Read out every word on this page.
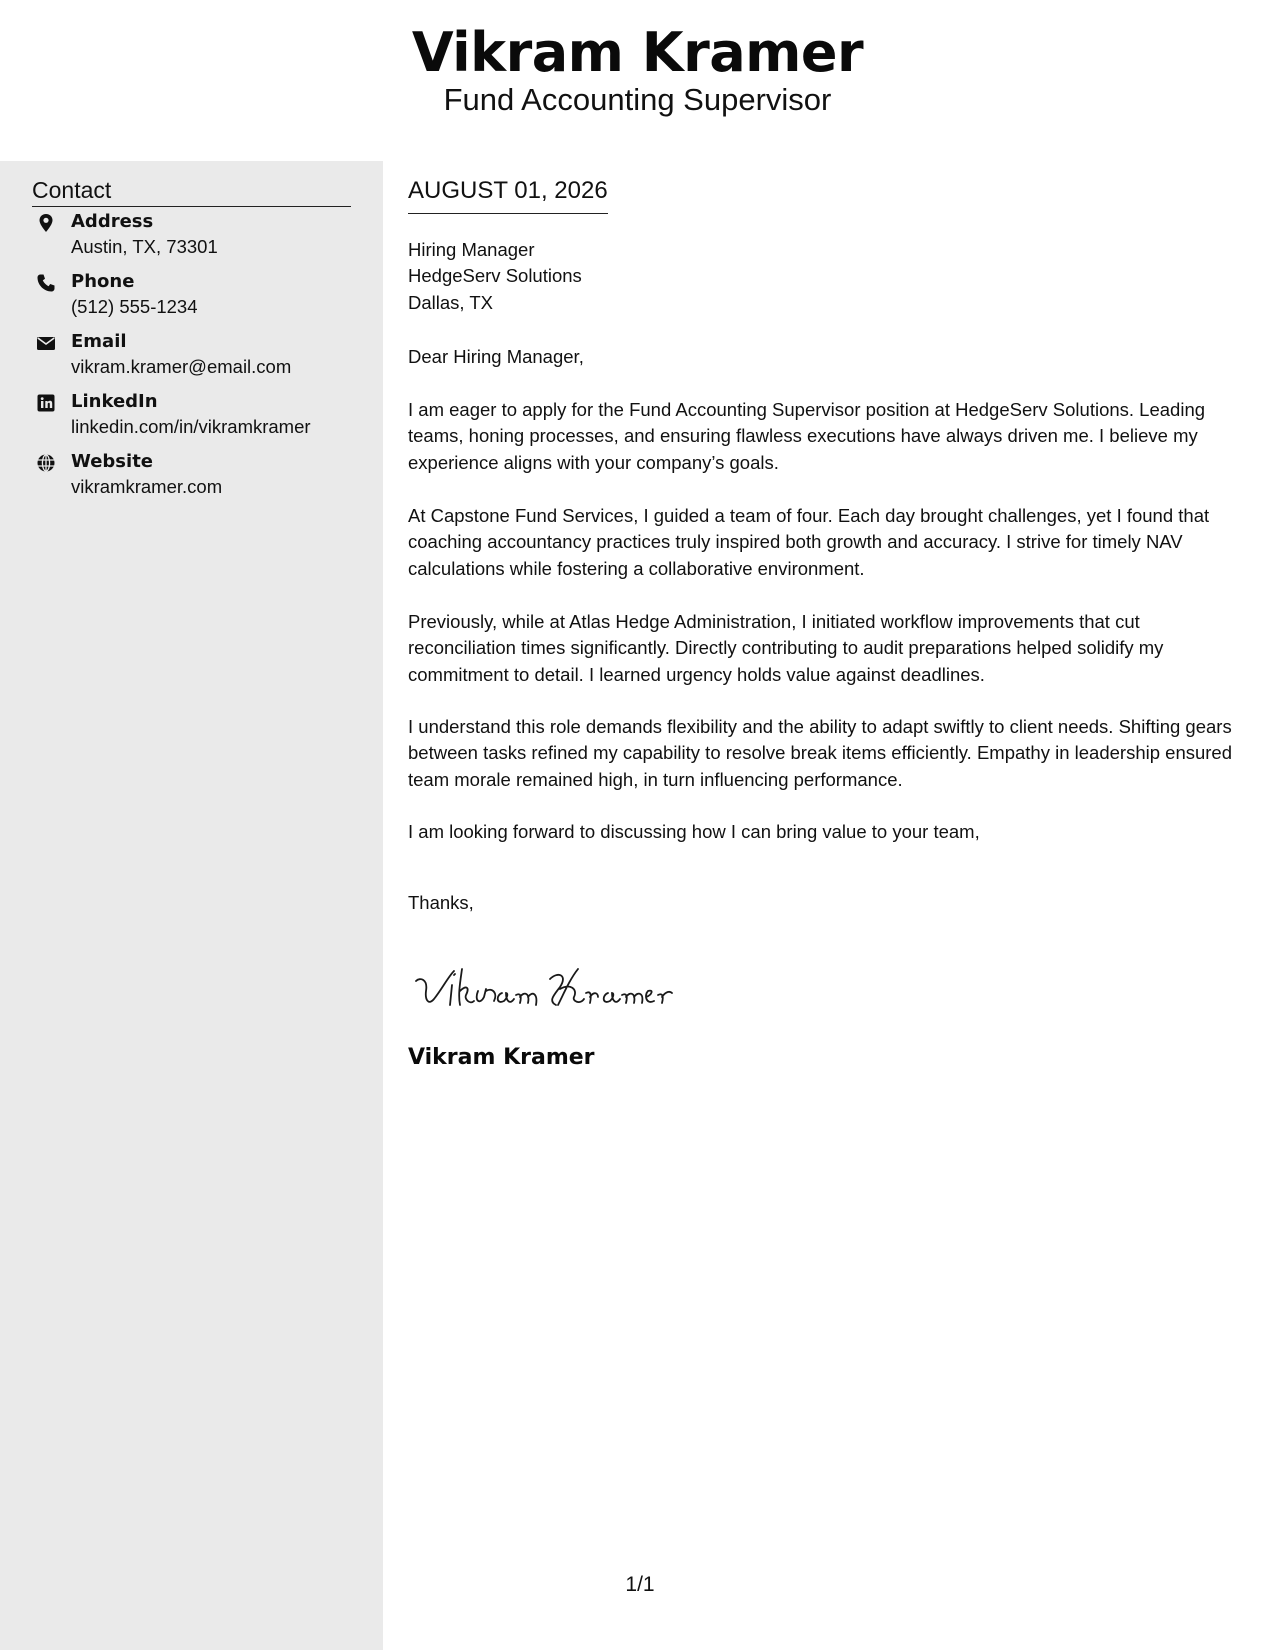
Vikram Kramer
Fund Accounting Supervisor
Contact
Address
Austin, TX, 73301
Phone
(512) 555-1234
Email
vikram.kramer@email.com
LinkedIn
linkedin.com/in/vikramkramer
Website
vikramkramer.com
AUGUST 01, 2026
Hiring Manager
HedgeServ Solutions
Dallas, TX
Dear Hiring Manager,
I am eager to apply for the Fund Accounting Supervisor position at HedgeServ Solutions. Leading teams, honing processes, and ensuring flawless executions have always driven me. I believe my experience aligns with your company’s goals.
At Capstone Fund Services, I guided a team of four. Each day brought challenges, yet I found that coaching accountancy practices truly inspired both growth and accuracy. I strive for timely NAV calculations while fostering a collaborative environment.
Previously, while at Atlas Hedge Administration, I initiated workflow improvements that cut reconciliation times significantly. Directly contributing to audit preparations helped solidify my commitment to detail. I learned urgency holds value against deadlines.
I understand this role demands flexibility and the ability to adapt swiftly to client needs. Shifting gears between tasks refined my capability to resolve break items efficiently. Empathy in leadership ensured team morale remained high, in turn influencing performance.
I am looking forward to discussing how I can bring value to your team,
Thanks,
Vikram Kramer
1/1
